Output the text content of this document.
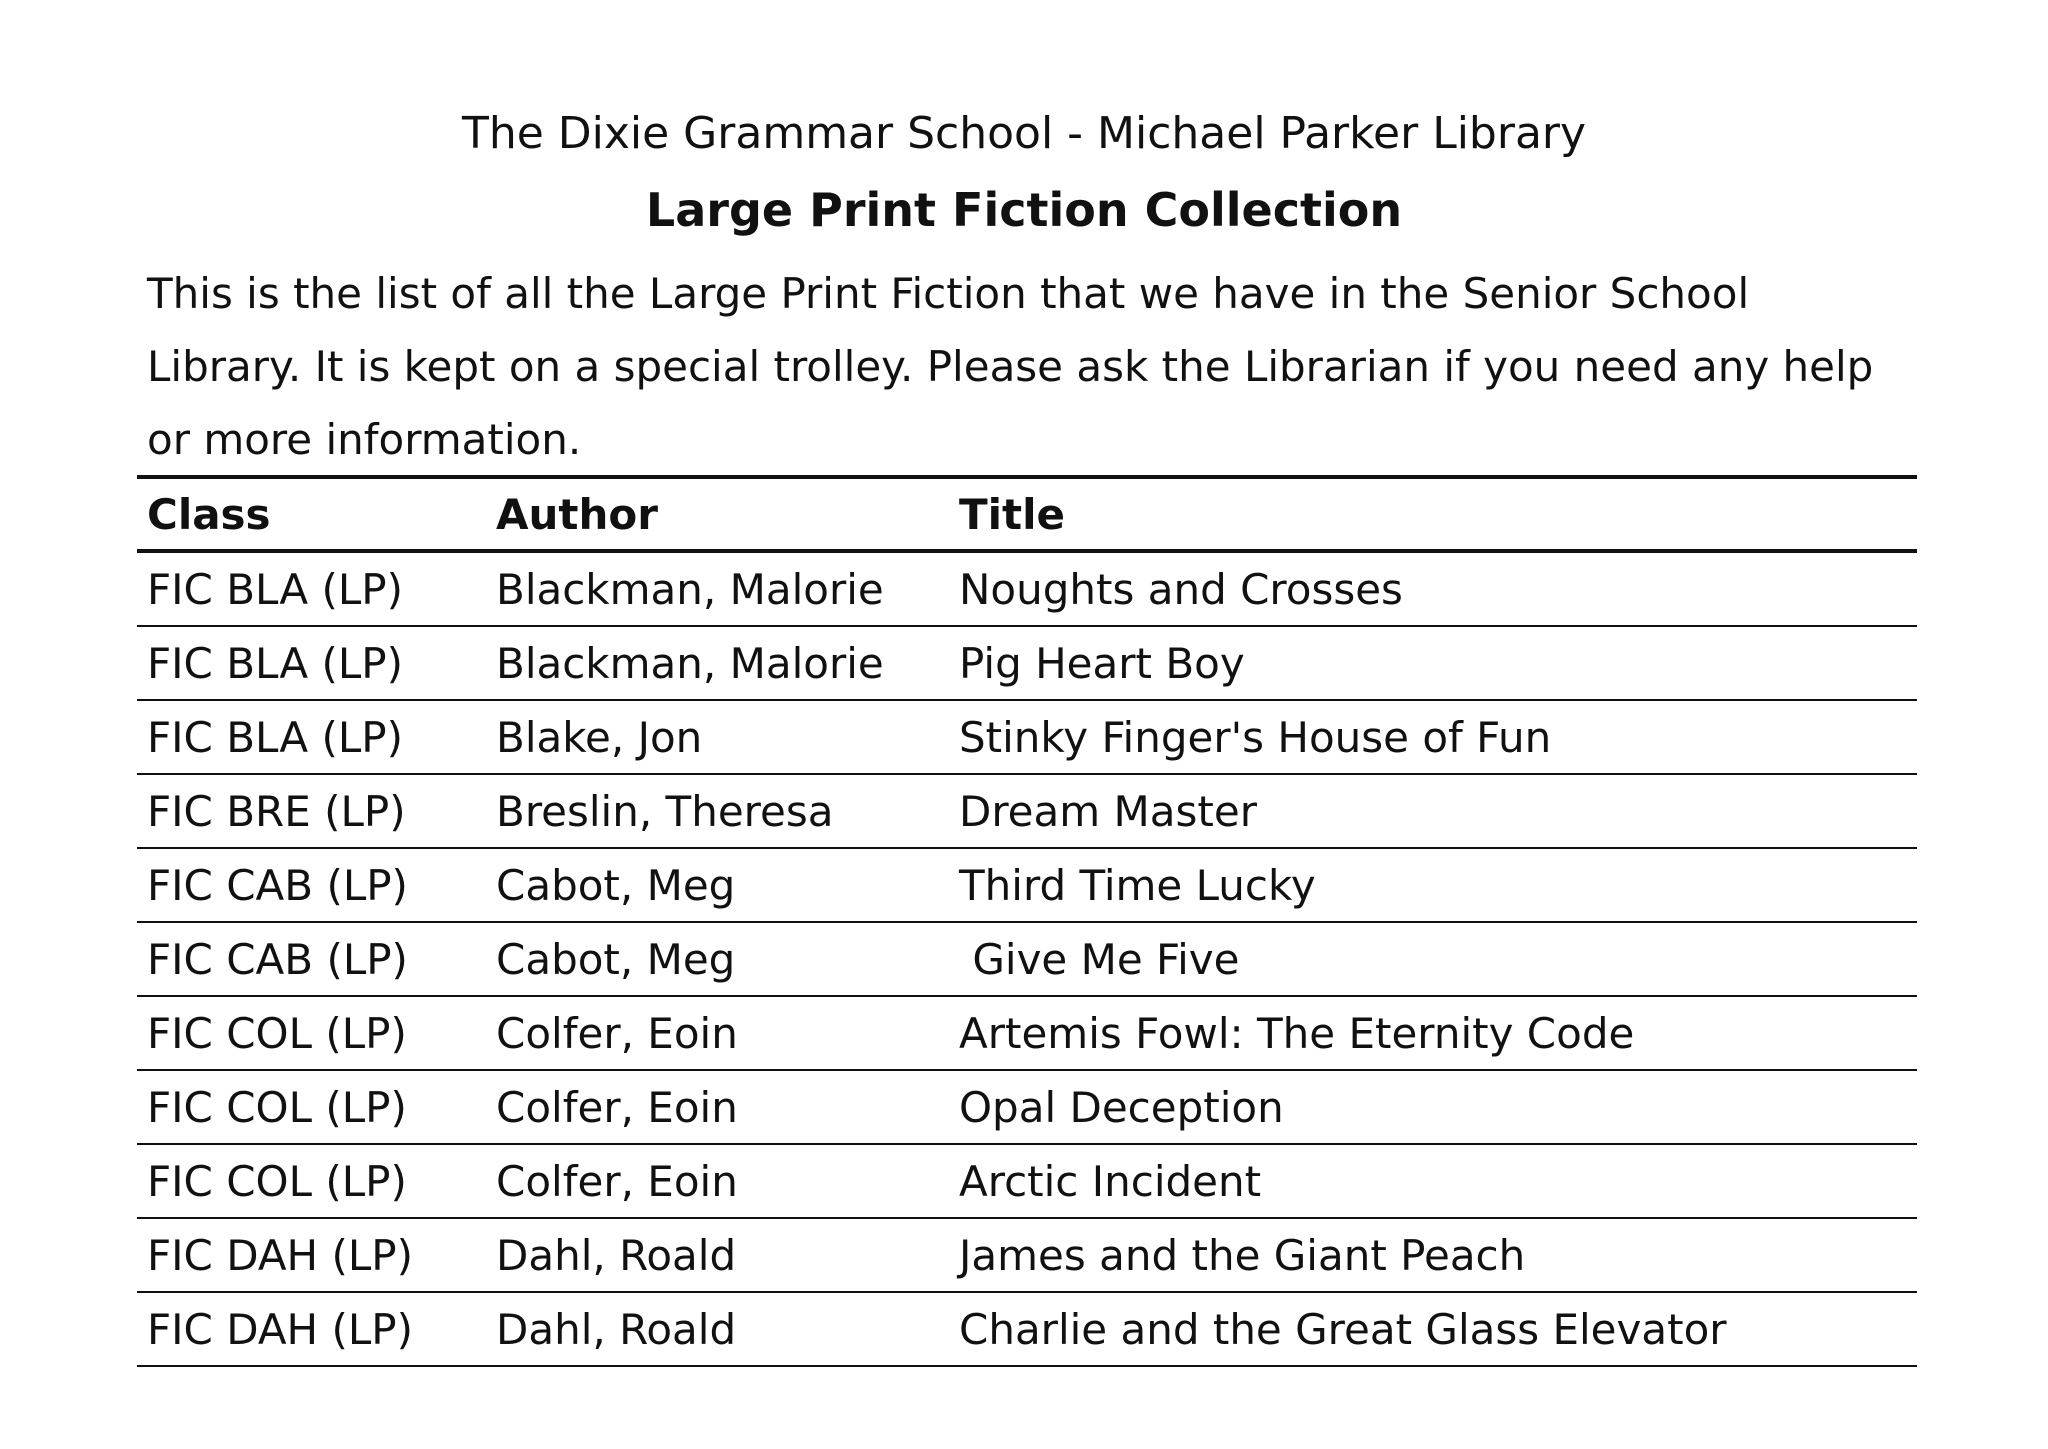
The Dixie Grammar School - Michael Parker Library
Large Print Fiction Collection

This is the list of all the Large Print Fiction that we have in the Senior School Library. It is kept on a special trolley. Please ask the Librarian if you need any help or more information.

Class	Author	Title
FIC BLA (LP)	Blackman, Malorie	Noughts and Crosses
FIC BLA (LP)	Blackman, Malorie	Pig Heart Boy
FIC BLA (LP)	Blake, Jon	Stinky Finger's House of Fun
FIC BRE (LP)	Breslin, Theresa	Dream Master
FIC CAB (LP)	Cabot, Meg	Third Time Lucky
FIC CAB (LP)	Cabot, Meg	Give Me Five
FIC COL (LP)	Colfer, Eoin	Artemis Fowl: The Eternity Code
FIC COL (LP)	Colfer, Eoin	Opal Deception
FIC COL (LP)	Colfer, Eoin	Arctic Incident
FIC DAH (LP)	Dahl, Roald	James and the Giant Peach
FIC DAH (LP)	Dahl, Roald	Charlie and the Great Glass Elevator
